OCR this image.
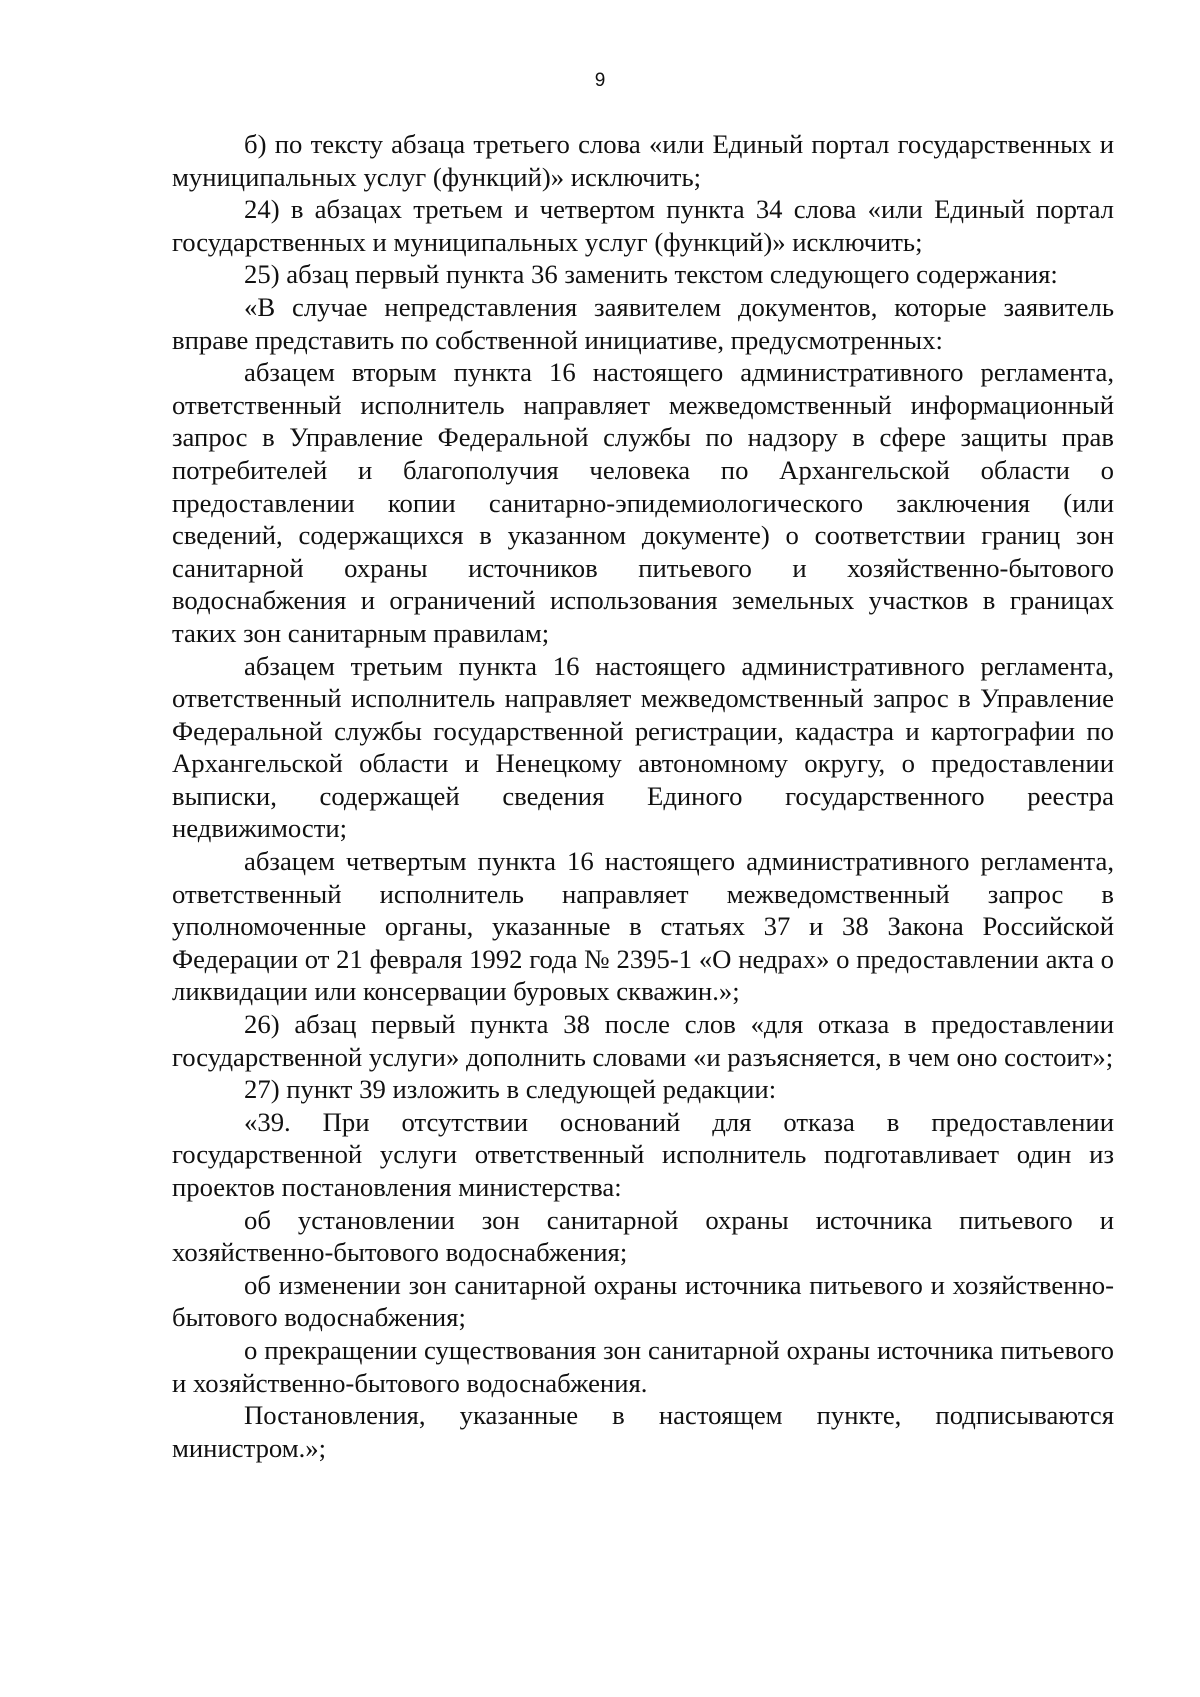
9

б) по тексту абзаца третьего слова «или Единый портал государственных и муниципальных услуг (функций)» исключить;

24) в абзацах третьем и четвертом пункта 34 слова «или Единый портал государственных и муниципальных услуг (функций)» исключить;

25) абзац первый пункта 36 заменить текстом следующего содержания:

«В случае непредставления заявителем документов, которые заявитель вправе представить по собственной инициативе, предусмотренных:

абзацем вторым пункта 16 настоящего административного регламента, ответственный исполнитель направляет межведомственный информационный запрос в Управление Федеральной службы по надзору в сфере защиты прав потребителей и благополучия человека по Архангельской области о предоставлении копии санитарно-эпидемиологического заключения (или сведений, содержащихся в указанном документе) о соответствии границ зон санитарной охраны источников питьевого и хозяйственно-бытового водоснабжения и ограничений использования земельных участков в границах таких зон санитарным правилам;

абзацем третьим пункта 16 настоящего административного регламента, ответственный исполнитель направляет межведомственный запрос в Управление Федеральной службы государственной регистрации, кадастра и картографии по Архангельской области и Ненецкому автономному округу, о предоставлении выписки, содержащей сведения Единого государственного реестра недвижимости;

абзацем четвертым пункта 16 настоящего административного регламента, ответственный исполнитель направляет межведомственный запрос в уполномоченные органы, указанные в статьях 37 и 38 Закона Российской Федерации от 21 февраля 1992 года № 2395-1 «О недрах» о предоставлении акта о ликвидации или консервации буровых скважин.»;

26) абзац первый пункта 38 после слов «для отказа в предоставлении государственной услуги» дополнить словами «и разъясняется, в чем оно состоит»;

27) пункт 39 изложить в следующей редакции:

«39. При отсутствии оснований для отказа в предоставлении государственной услуги ответственный исполнитель подготавливает один из проектов постановления министерства:

об установлении зон санитарной охраны источника питьевого и хозяйственно-бытового водоснабжения;

об изменении зон санитарной охраны источника питьевого и хозяйственно-бытового водоснабжения;

о прекращении существования зон санитарной охраны источника питьевого и хозяйственно-бытового водоснабжения.

Постановления, указанные в настоящем пункте, подписываются министром.»;
